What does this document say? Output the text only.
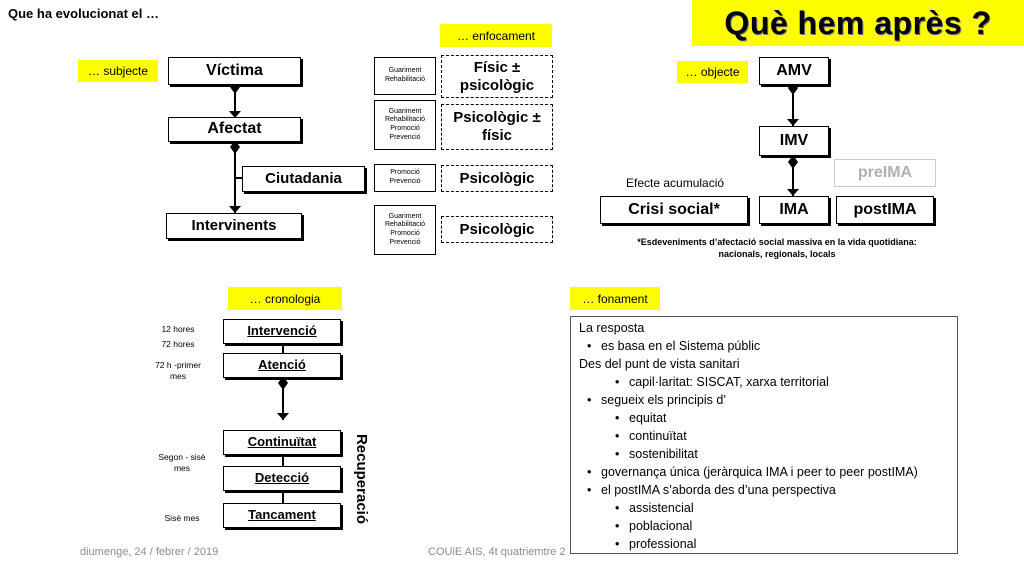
Que ha evolucionat el …	Què hem après ?
… subjecte	Víctima
Afectat
Ciutadania
Intervinents
… enfocament
Guariment
Rehabilitació
Guariment
Rehabilitació
Promoció
Prevenció
Promoció
Prevenció
Guariment
Rehabilitació
Promoció
Prevenció
Físic ± psicològic
Psicològic ± físic
Psicològic
Psicològic
… objecte	AMV
IMV
Efecte acumulació
Crisi social*	IMA
preIMA
postIMA
*Esdeveniments d’afectació social massiva en la vida quotidiana:
nacionals, regionals, locals
… cronologia
12 hores
72 hores
72 h -primer mes
Segon - sisè mes
Sisè mes
Intervenció
Atenció
Continuïtat
Detecció
Tancament	Recuperació
… fonament
La resposta
• es basa en el Sistema públic
Des del punt de vista sanitari
• capil·laritat: SISCAT, xarxa territorial
• segueix els principis d’
• equitat
• continuïtat
• sostenibilitat
• governança única (jeràrquica IMA i peer to peer postIMA)
• el postIMA s’aborda des d’una perspectiva
• assistencial
• poblacional
• professional
diumenge, 24 / febrer / 2019	COUiE AIS, 4t quatriemtre 2
